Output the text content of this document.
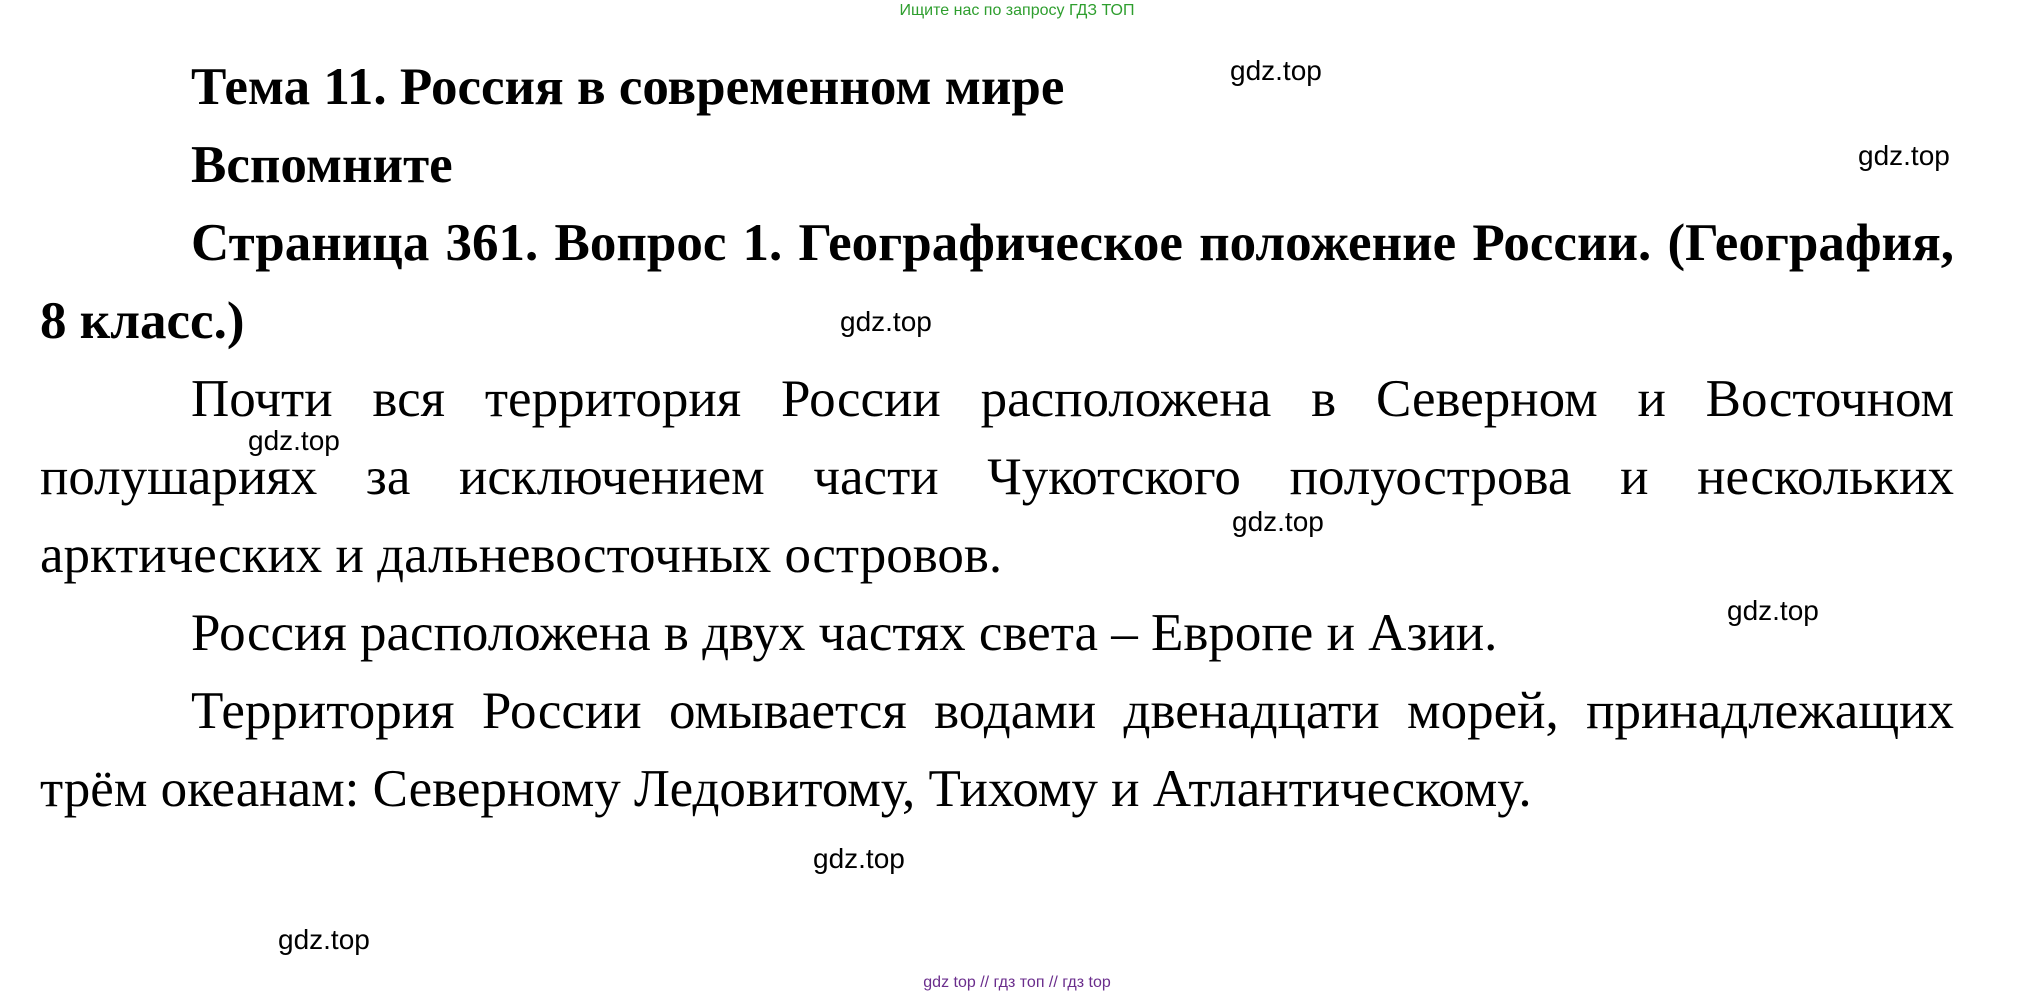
Ищите нас по запросу ГДЗ ТОП

Тема 11. Россия в современном мире

Вспомните

Страница 361. Вопрос 1. Географическое положение России. (География, 8 класс.)

Почти вся территория России расположена в Северном и Восточном полушариях за исключением части Чукотского полуострова и нескольких арктических и дальневосточных островов.

Россия расположена в двух частях света – Европе и Азии.

Территория России омывается водами двенадцати морей, принадлежащих трём океанам: Северному Ледовитому, Тихому и Атлантическому.

gdz.top
gdz.top
gdz.top
gdz.top
gdz.top
gdz.top
gdz.top
gdz.top
gdz top // гдз топ // гдз top
